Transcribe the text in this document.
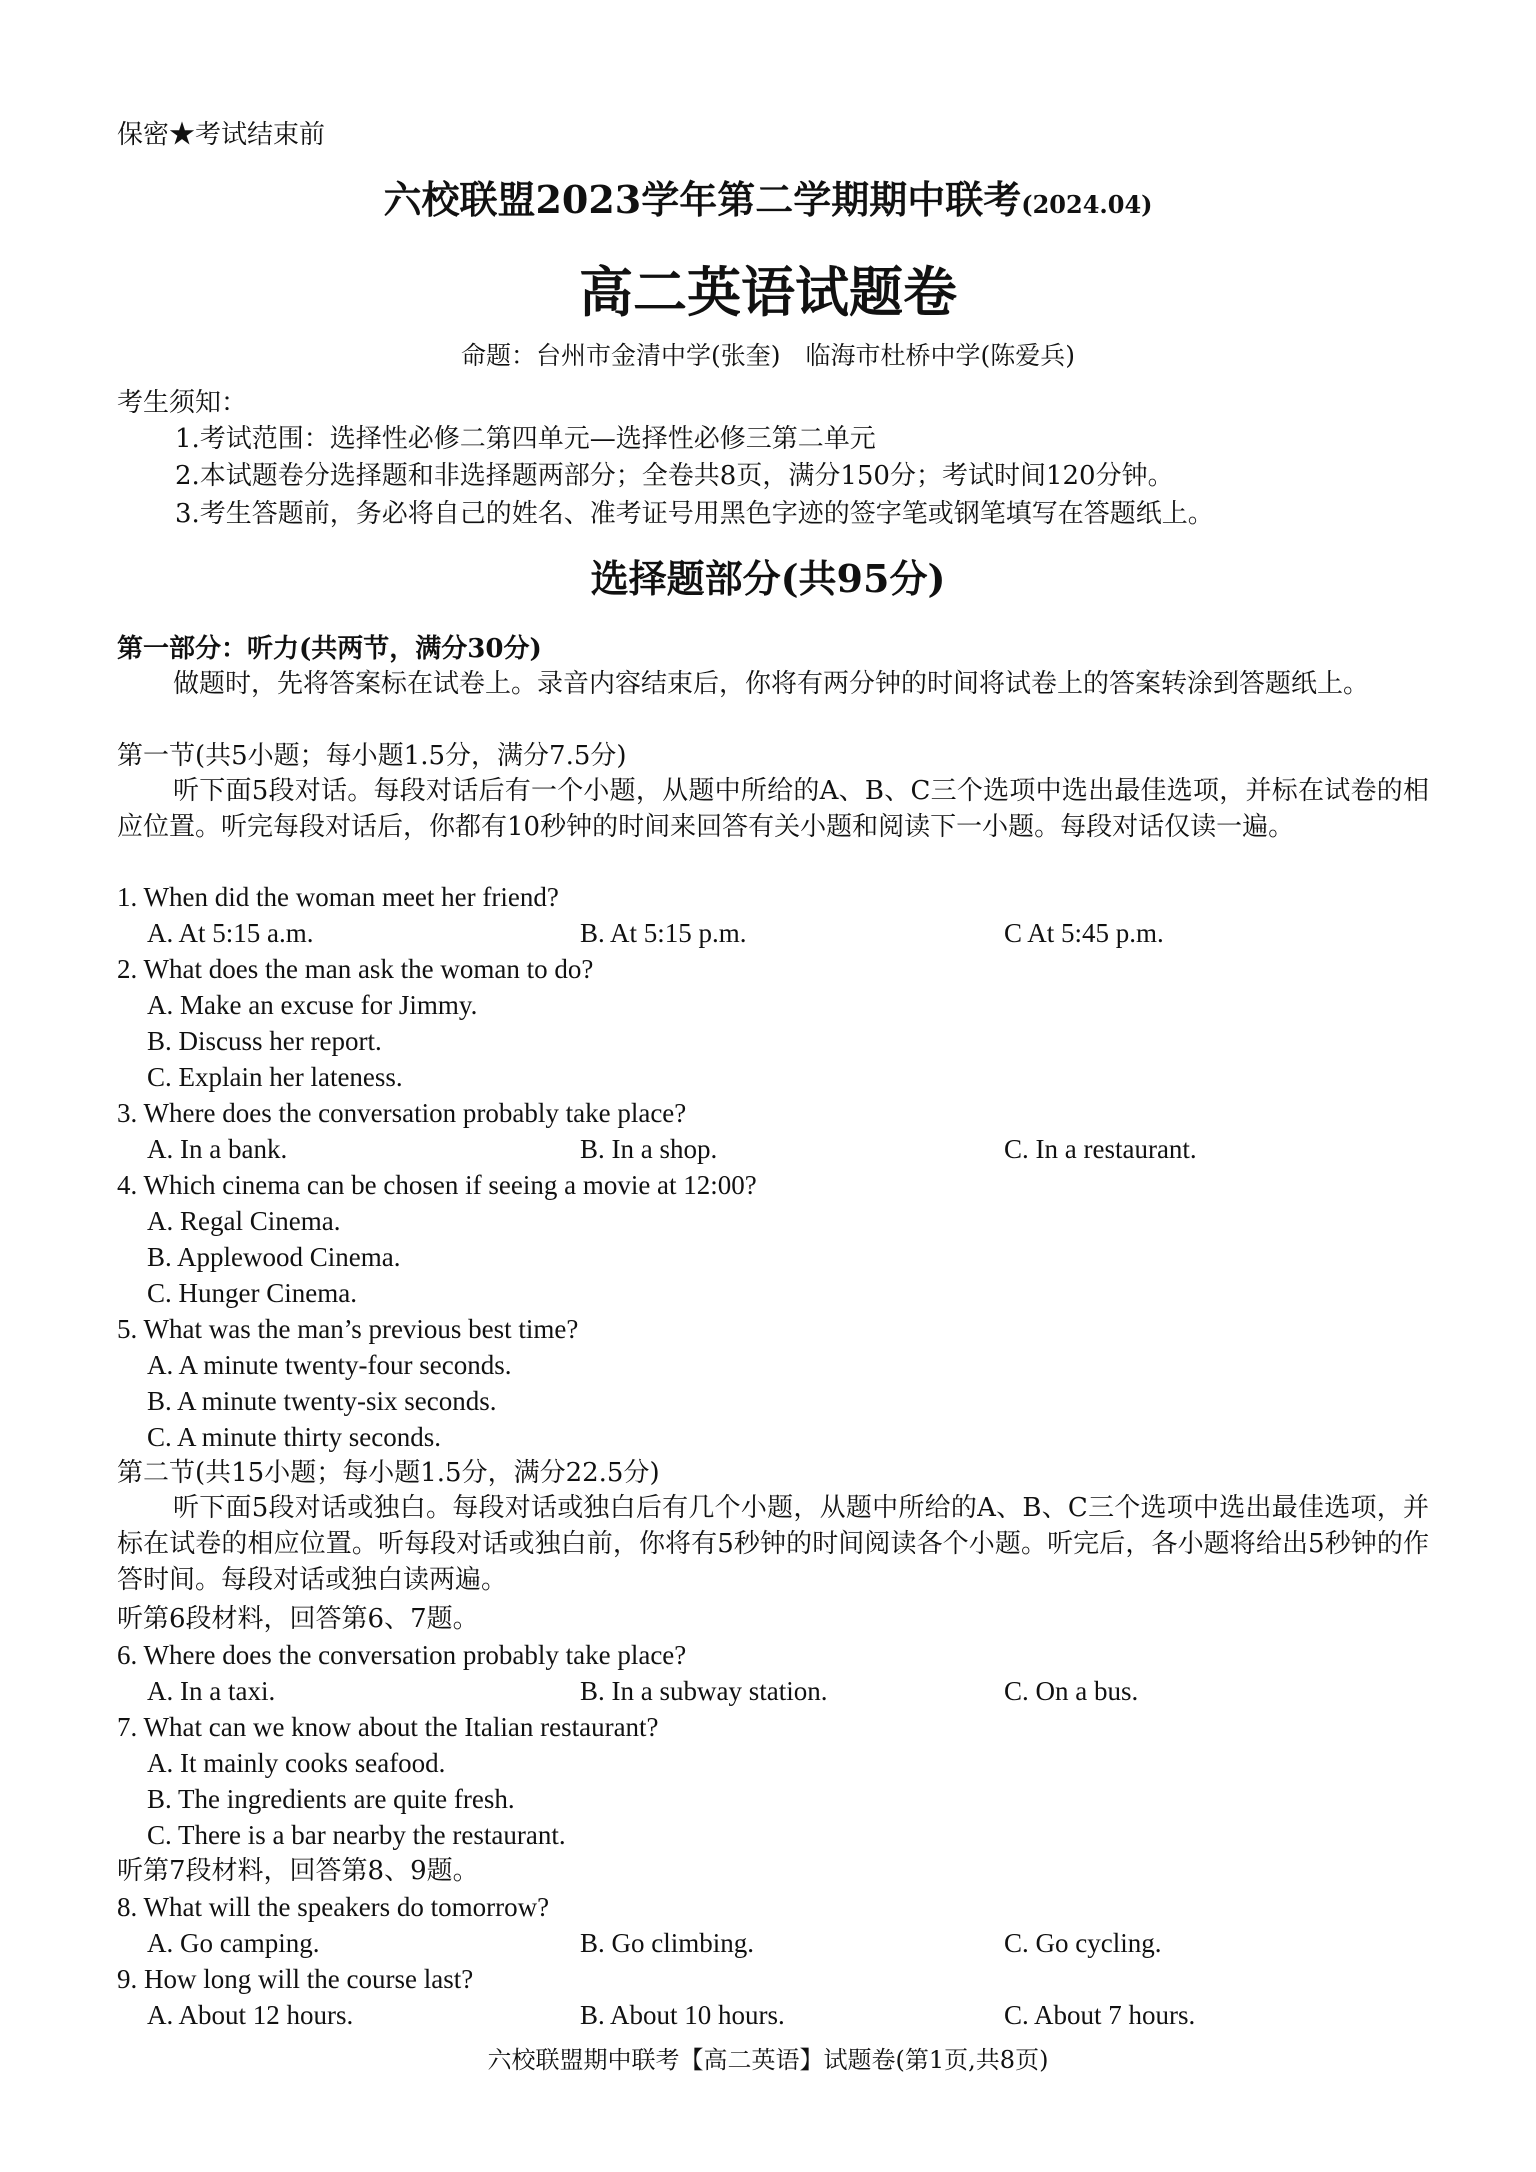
保密★考试结束前
六校联盟2023学年第二学期期中联考(2024.04)
高二英语试题卷
命题：台州市金清中学(张奎)　临海市杜桥中学(陈爱兵)
考生须知：
1.考试范围：选择性必修二第四单元—选择性必修三第二单元
2.本试题卷分选择题和非选择题两部分；全卷共8页，满分150分；考试时间120分钟。
3.考生答题前，务必将自己的姓名、准考证号用黑色字迹的签字笔或钢笔填写在答题纸上。
选择题部分(共95分)
第一部分：听力(共两节，满分30分)
做题时，先将答案标在试卷上。录音内容结束后，你将有两分钟的时间将试卷上的答案转涂到答题纸上。
第一节(共5小题；每小题1.5分，满分7.5分)
听下面5段对话。每段对话后有一个小题，从题中所给的A、B、C三个选项中选出最佳选项，并标在试卷的相应位置。听完每段对话后，你都有10秒钟的时间来回答有关小题和阅读下一小题。每段对话仅读一遍。
1. When did the woman meet her friend?
A. At 5:15 a.m.	B. At 5:15 p.m.	C At 5:45 p.m.
2. What does the man ask the woman to do?
A. Make an excuse for Jimmy.
B. Discuss her report.
C. Explain her lateness.
3. Where does the conversation probably take place?
A. In a bank.	B. In a shop.	C. In a restaurant.
4. Which cinema can be chosen if seeing a movie at 12:00?
A. Regal Cinema.
B. Applewood Cinema.
C. Hunger Cinema.
5. What was the man’s previous best time?
A. A minute twenty-four seconds.
B. A minute twenty-six seconds.
C. A minute thirty seconds.
第二节(共15小题；每小题1.5分，满分22.5分)
听下面5段对话或独白。每段对话或独白后有几个小题，从题中所给的A、B、C三个选项中选出最佳选项，并标在试卷的相应位置。听每段对话或独白前，你将有5秒钟的时间阅读各个小题。听完后，各小题将给出5秒钟的作答时间。每段对话或独白读两遍。
听第6段材料，回答第6、7题。
6. Where does the conversation probably take place?
A. In a taxi.	B. In a subway station.	C. On a bus.
7. What can we know about the Italian restaurant?
A. It mainly cooks seafood.
B. The ingredients are quite fresh.
C. There is a bar nearby the restaurant.
听第7段材料，回答第8、9题。
8. What will the speakers do tomorrow?
A. Go camping.	B. Go climbing.	C. Go cycling.
9. How long will the course last?
A. About 12 hours.	B. About 10 hours.	C. About 7 hours.
六校联盟期中联考【高二英语】试题卷(第1页,共8页)
